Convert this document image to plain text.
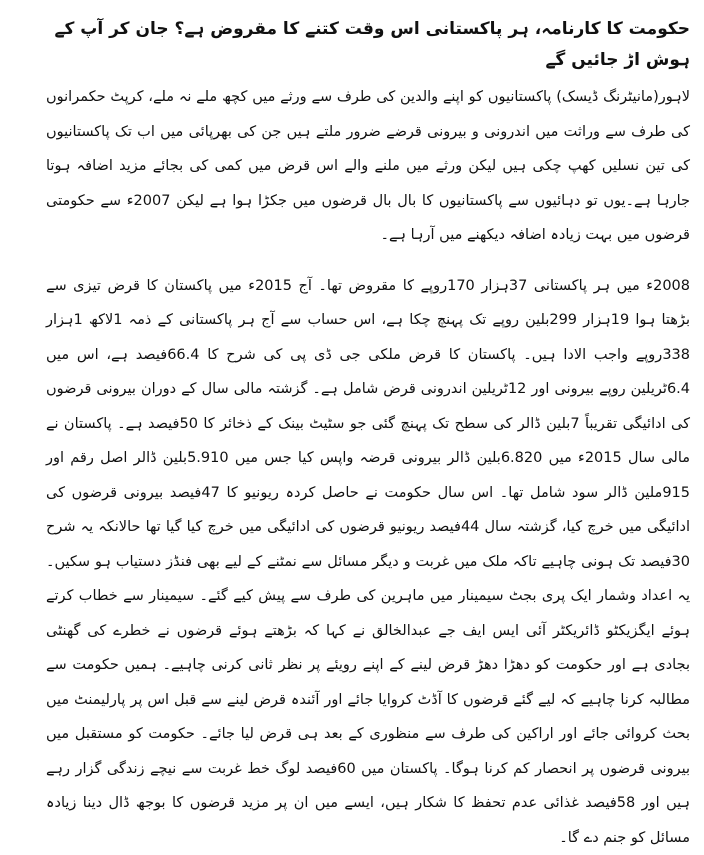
حکومت کا کارنامہ، ہر پاکستانی اس وقت کتنے کا مقروض ہے؟ جان کر آپ کے ہوش اڑ جائیں گے

لاہور(مانیٹرنگ ڈیسک) پاکستانیوں کو اپنے والدین کی طرف سے ورثے میں کچھ ملے نہ ملے، کرپٹ حکمرانوں کی طرف سے وراثت میں اندرونی و بیرونی قرضے ضرور ملتے ہیں جن کی بھرپائی میں اب تک پاکستانیوں کی تین نسلیں کھپ چکی ہیں لیکن ورثے میں ملنے والے اس قرض میں کمی کی بجائے مزید اضافہ ہوتا جارہا ہے۔یوں تو دہائیوں سے پاکستانیوں کا بال بال قرضوں میں جکڑا ہوا ہے لیکن 2007ء سے حکومتی قرضوں میں بہت زیادہ اضافہ دیکھنے میں آرہا ہے۔

2008ء میں ہر پاکستانی 37ہزار 170روپے کا مقروض تھا۔ آج 2015ء میں پاکستان کا قرض تیزی سے بڑھتا ہوا 19ہزار 299بلین روپے تک پہنچ چکا ہے، اس حساب سے آج ہر پاکستانی کے ذمہ 1لاکھ 1ہزار 338روپے واجب الادا ہیں۔ پاکستان کا قرض ملکی جی ڈی پی کی شرح کا 66.4فیصد ہے، اس میں 6.4ٹریلین روپے بیرونی اور 12ٹریلین اندرونی قرض شامل ہے۔ گزشتہ مالی سال کے دوران بیرونی قرضوں کی ادائیگی تقریباً 7بلین ڈالر کی سطح تک پہنچ گئی جو سٹیٹ بینک کے ذخائر کا 50فیصد ہے۔ پاکستان نے مالی سال 2015ء میں 6.820بلین ڈالر بیرونی قرضہ واپس کیا جس میں 5.910بلین ڈالر اصل رقم اور 915ملین ڈالر سود شامل تھا۔ اس سال حکومت نے حاصل کردہ ریونیو کا 47فیصد بیرونی قرضوں کی ادائیگی میں خرچ کیا، گزشتہ سال 44فیصد ریونیو قرضوں کی ادائیگی میں خرچ کیا گیا تھا حالانکہ یہ شرح 30فیصد تک ہونی چاہیے تاکہ ملک میں غربت و دیگر مسائل سے نمٹنے کے لیے بھی فنڈز دستیاب ہو سکیں۔ یہ اعداد وشمار ایک پری بجٹ سیمینار میں ماہرین کی طرف سے پیش کیے گئے۔ سیمینار سے خطاب کرتے ہوئے ایگزیکٹو ڈائریکٹر آئی ایس ایف جے عبدالخالق نے کہا کہ بڑھتے ہوئے قرضوں نے خطرے کی گھنٹی بجادی ہے اور حکومت کو دھڑا دھڑ قرض لینے کے اپنے رویئے پر نظر ثانی کرنی چاہیے۔ ہمیں حکومت سے مطالبہ کرنا چاہیے کہ لیے گئے قرضوں کا آڈٹ کروایا جائے اور آئندہ قرض لینے سے قبل اس پر پارلیمنٹ میں بحث کروائی جائے اور اراکین کی طرف سے منظوری کے بعد ہی قرض لیا جائے۔ حکومت کو مستقبل میں بیرونی قرضوں پر انحصار کم کرنا ہوگا۔ پاکستان میں 60فیصد لوگ خط غربت سے نیچے زندگی گزار رہے ہیں اور 58فیصد غذائی عدم تحفظ کا شکار ہیں، ایسے میں ان پر مزید قرضوں کا بوجھ ڈال دینا زیادہ مسائل کو جنم دے گا۔
